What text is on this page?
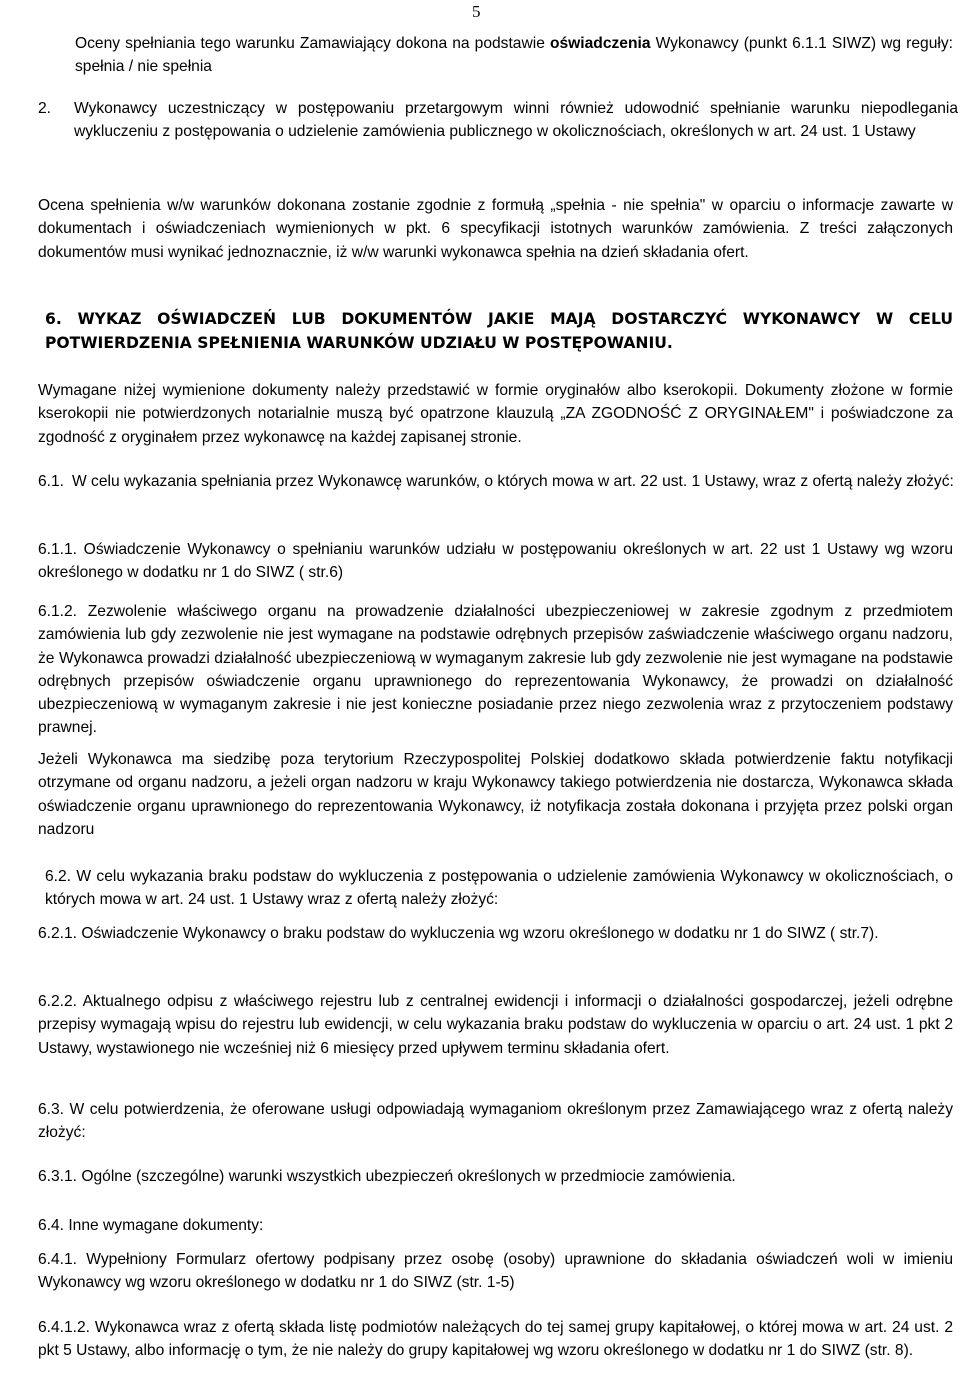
5
Oceny spełniania tego warunku Zamawiający dokona na podstawie oświadczenia Wykonawcy (punkt 6.1.1 SIWZ) wg reguły: spełnia / nie spełnia
2. Wykonawcy uczestniczący w postępowaniu przetargowym winni również udowodnić spełnianie warunku niepodlegania wykluczeniu z postępowania o udzielenie zamówienia publicznego w okolicznościach, określonych w art. 24 ust. 1 Ustawy
Ocena spełnienia w/w warunków dokonana zostanie zgodnie z formułą „spełnia - nie spełnia" w oparciu o informacje zawarte w dokumentach i oświadczeniach wymienionych w pkt. 6 specyfikacji istotnych warunków zamówienia. Z treści załączonych dokumentów musi wynikać jednoznacznie, iż w/w warunki wykonawca spełnia na dzień składania ofert.
6. WYKAZ OŚWIADCZEŃ LUB DOKUMENTÓW JAKIE MAJĄ DOSTARCZYĆ WYKONAWCY W CELU POTWIERDZENIA SPEŁNIENIA WARUNKÓW UDZIAŁU W POSTĘPOWANIU.
Wymagane niżej wymienione dokumenty należy przedstawić w formie oryginałów albo kserokopii. Dokumenty złożone w formie kserokopii nie potwierdzonych notarialnie muszą być opatrzone klauzulą „ZA ZGODNOŚĆ Z ORYGINAŁEM" i poświadczone za zgodność z oryginałem przez wykonawcę na każdej zapisanej stronie.
6.1. W celu wykazania spełniania przez Wykonawcę warunków, o których mowa w art. 22 ust. 1 Ustawy, wraz z ofertą należy złożyć:
6.1.1. Oświadczenie Wykonawcy o spełnianiu warunków udziału w postępowaniu określonych w art. 22 ust 1 Ustawy wg wzoru określonego w dodatku nr 1 do SIWZ ( str.6)
6.1.2. Zezwolenie właściwego organu na prowadzenie działalności ubezpieczeniowej w zakresie zgodnym z przedmiotem zamówienia lub gdy zezwolenie nie jest wymagane na podstawie odrębnych przepisów zaświadczenie właściwego organu nadzoru, że Wykonawca prowadzi działalność ubezpieczeniową w wymaganym zakresie lub gdy zezwolenie nie jest wymagane na podstawie odrębnych przepisów oświadczenie organu uprawnionego do reprezentowania Wykonawcy, że prowadzi on działalność ubezpieczeniową w wymaganym zakresie i nie jest konieczne posiadanie przez niego zezwolenia wraz z przytoczeniem podstawy prawnej.
Jeżeli Wykonawca ma siedzibę poza terytorium Rzeczypospolitej Polskiej dodatkowo składa potwierdzenie faktu notyfikacji otrzymane od organu nadzoru, a jeżeli organ nadzoru w kraju Wykonawcy takiego potwierdzenia nie dostarcza, Wykonawca składa oświadczenie organu uprawnionego do reprezentowania Wykonawcy, iż notyfikacja została dokonana i przyjęta przez polski organ nadzoru
6.2. W celu wykazania braku podstaw do wykluczenia z postępowania o udzielenie zamówienia Wykonawcy w okolicznościach, o których mowa w art. 24 ust. 1 Ustawy wraz z ofertą należy złożyć:
6.2.1. Oświadczenie Wykonawcy o braku podstaw do wykluczenia wg wzoru określonego w dodatku nr 1 do SIWZ ( str.7).
6.2.2. Aktualnego odpisu z właściwego rejestru lub z centralnej ewidencji i informacji o działalności gospodarczej, jeżeli odrębne przepisy wymagają wpisu do rejestru lub ewidencji, w celu wykazania braku podstaw do wykluczenia w oparciu o art. 24 ust. 1 pkt 2 Ustawy, wystawionego nie wcześniej niż 6 miesięcy przed upływem terminu składania ofert.
6.3. W celu potwierdzenia, że oferowane usługi odpowiadają wymaganiom określonym przez Zamawiającego wraz z ofertą należy złożyć:
6.3.1. Ogólne (szczególne) warunki wszystkich ubezpieczeń określonych w przedmiocie zamówienia.
6.4. Inne wymagane dokumenty:
6.4.1. Wypełniony Formularz ofertowy podpisany przez osobę (osoby) uprawnione do składania oświadczeń woli w imieniu Wykonawcy wg wzoru określonego w dodatku nr 1 do SIWZ (str. 1-5)
6.4.1.2. Wykonawca wraz z ofertą składa listę podmiotów należących do tej samej grupy kapitałowej, o której mowa w art. 24 ust. 2 pkt 5 Ustawy, albo informację o tym, że nie należy do grupy kapitałowej wg wzoru określonego w dodatku nr 1 do SIWZ (str. 8).
